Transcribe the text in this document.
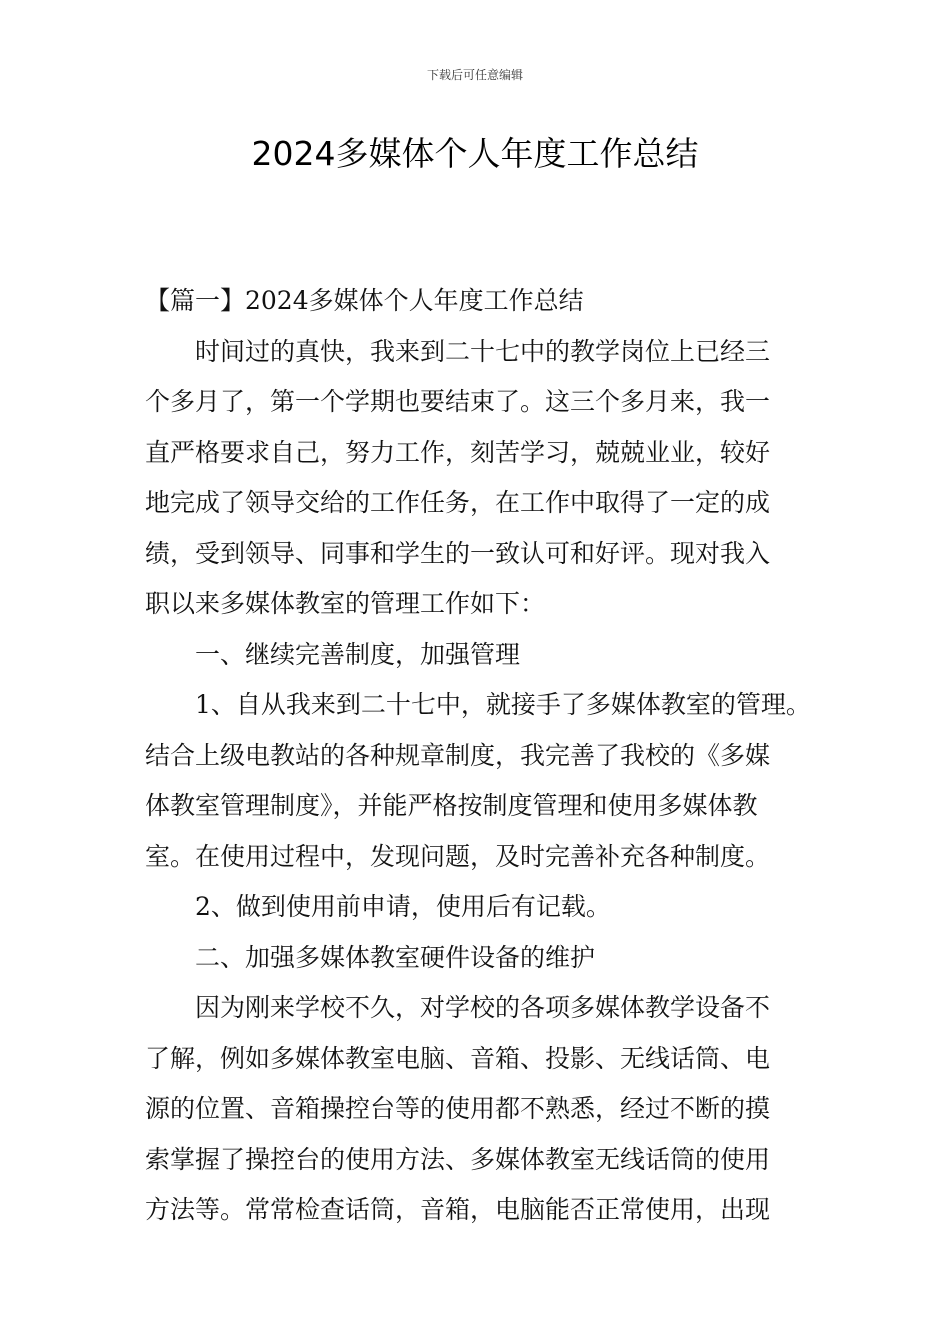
下载后可任意编辑
2024多媒体个人年度工作总结
【篇一】2024多媒体个人年度工作总结
时间过的真快，我来到二十七中的教学岗位上已经三
个多月了，第一个学期也要结束了。这三个多月来，我一
直严格要求自己，努力工作，刻苦学习，兢兢业业，较好
地完成了领导交给的工作任务，在工作中取得了一定的成
绩，受到领导、同事和学生的一致认可和好评。现对我入
职以来多媒体教室的管理工作如下：
一、继续完善制度，加强管理
1、自从我来到二十七中，就接手了多媒体教室的管理。
结合上级电教站的各种规章制度，我完善了我校的《多媒
体教室管理制度》，并能严格按制度管理和使用多媒体教
室。在使用过程中，发现问题，及时完善补充各种制度。
2、做到使用前申请，使用后有记载。
二、加强多媒体教室硬件设备的维护
因为刚来学校不久，对学校的各项多媒体教学设备不
了解，例如多媒体教室电脑、音箱、投影、无线话筒、电
源的位置、音箱操控台等的使用都不熟悉，经过不断的摸
索掌握了操控台的使用方法、多媒体教室无线话筒的使用
方法等。常常检查话筒，音箱，电脑能否正常使用，出现
